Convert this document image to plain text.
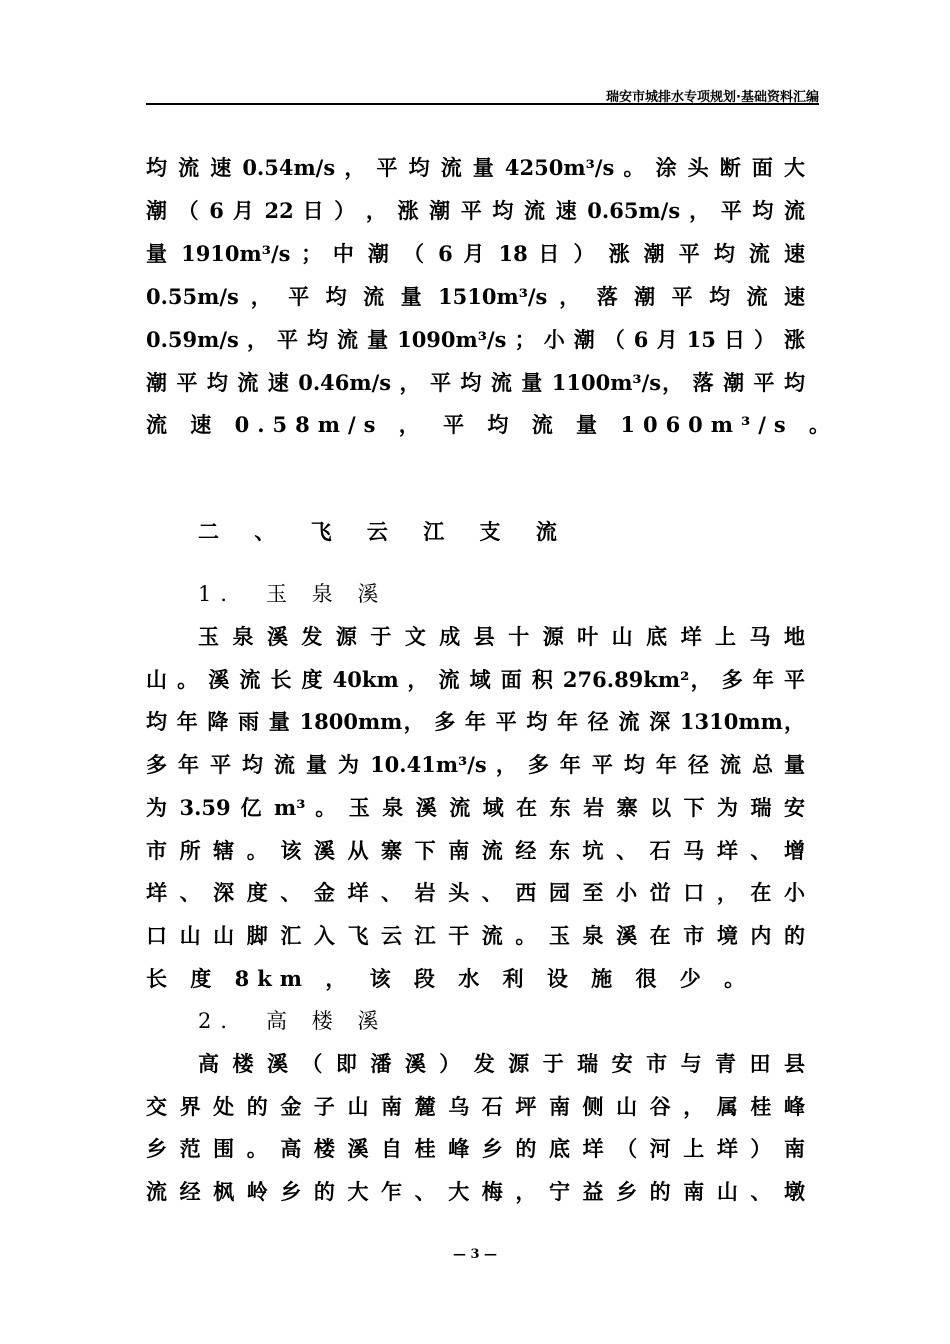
瑞安市城排水专项规划·基础资料汇编
均 流 速 0.54m/s ， 平 均 流 量 4250m³/s 。 涂 头 断 面 大
潮 （ 6 月 22 日 ） ， 涨 潮 平 均 流 速 0.65m/s ， 平 均 流
量 1910m³/s ； 中 潮 （ 6 月 18 日 ） 涨 潮 平 均 流 速
0.55m/s ， 平 均 流 量 1510m³/s ， 落 潮 平 均 流 速
0.59m/s ， 平 均 流 量 1090m³/s ； 小 潮 （ 6 月 15 日 ） 涨
潮 平 均 流 速 0.46m/s ， 平 均 流 量 1100m³/s， 落 潮 平 均
流 速 0.58m/s ， 平 均 流 量 1060m³/s 。
二 、 飞 云 江 支 流
1． 玉 泉 溪
玉 泉 溪 发 源 于 文 成 县 十 源 叶 山 底 垟 上 马 地
山 。 溪 流 长 度 40km ， 流 域 面 积 276.89km²， 多 年 平
均 年 降 雨 量 1800mm， 多 年 平 均 年 径 流 深 1310mm，
多 年 平 均 流 量 为 10.41m³/s ， 多 年 平 均 年 径 流 总 量
为 3.59 亿 m³ 。 玉 泉 溪 流 域 在 东 岩 寨 以 下 为 瑞 安
市 所 辖 。 该 溪 从 寨 下 南 流 经 东 坑 、 石 马 垟 、 增
垟 、 深 度 、 金 垟 、 岩 头 、 西 园 至 小 峃 口 ， 在 小
口 山 山 脚 汇 入 飞 云 江 干 流 。 玉 泉 溪 在 市 境 内 的
长 度 8km ， 该 段 水 利 设 施 很 少 。
2． 高 楼 溪
高 楼 溪 （ 即 潘 溪 ） 发 源 于 瑞 安 市 与 青 田 县
交 界 处 的 金 子 山 南 麓 乌 石 坪 南 侧 山 谷 ， 属 桂 峰
乡 范 围 。 高 楼 溪 自 桂 峰 乡 的 底 垟 （ 河 上 垟 ） 南
流 经 枫 岭 乡 的 大 乍 、 大 梅 ， 宁 益 乡 的 南 山 、 墩
— 3 —
